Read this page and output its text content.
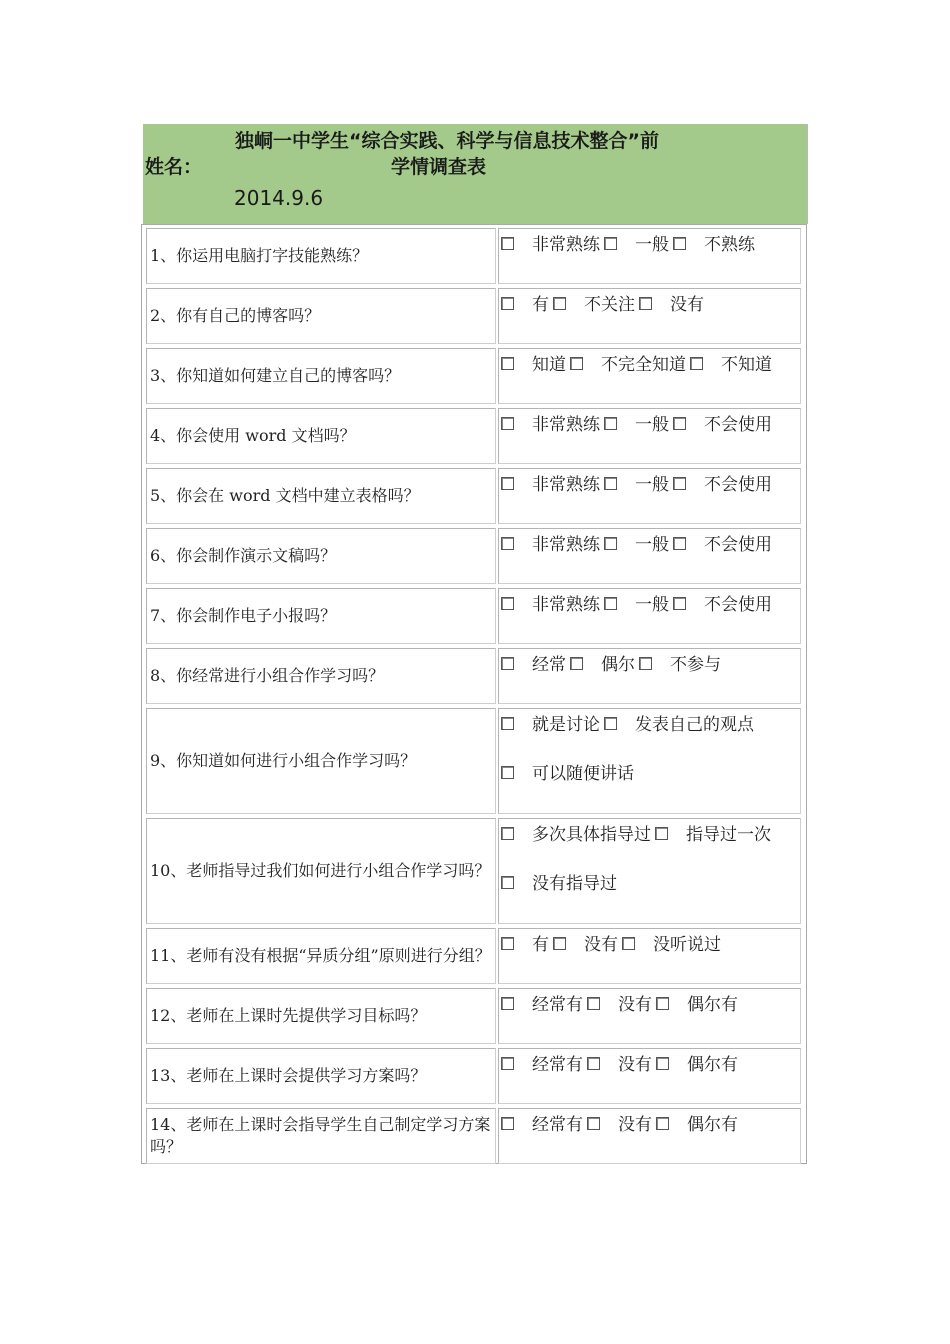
独峒一中学生“综合实践、科学与信息技术整合”前
姓名：	学情调查表
2014.9.6
1、你运用电脑打字技能熟练？
非常熟练 一般 不熟练
2、你有自己的博客吗？
有 不关注 没有
3、你知道如何建立自己的博客吗？
知道 不完全知道 不知道
4、你会使用 word 文档吗？
非常熟练 一般 不会使用
5、你会在 word 文档中建立表格吗？
非常熟练 一般 不会使用
6、你会制作演示文稿吗？
非常熟练 一般 不会使用
7、你会制作电子小报吗？
非常熟练 一般 不会使用
8、你经常进行小组合作学习吗？
经常 偶尔 不参与
9、你知道如何进行小组合作学习吗？
就是讨论 发表自己的观点
可以随便讲话
10、老师指导过我们如何进行小组合作学习吗？
多次具体指导过 指导过一次
没有指导过
11、老师有没有根据“异质分组”原则进行分组？
有 没有 没听说过
12、老师在上课时先提供学习目标吗？
经常有 没有 偶尔有
13、老师在上课时会提供学习方案吗？
经常有 没有 偶尔有
14、老师在上课时会指导学生自己制定学习方案吗？
经常有 没有 偶尔有
